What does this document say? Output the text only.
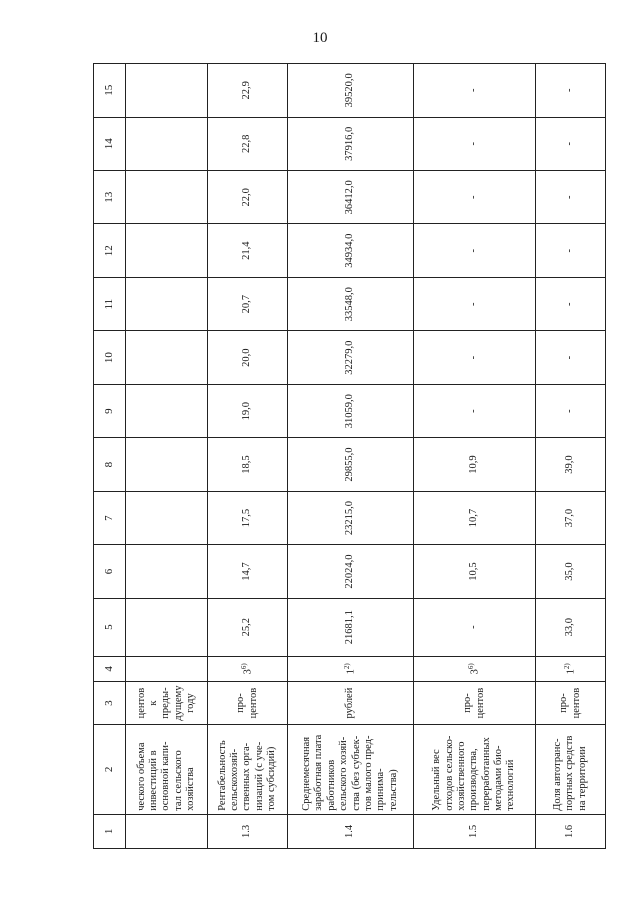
10
1	2	3	4	5	6	7	8	9	10	11	12	13	14	15
	ческого объема инвестиций в основной капи-тал сельского хозяйства	центов к преды-дущему году												
1.3	Рентабельность сельскохозяй-ственных орга-низаций (с уче-том субсидий)	про-центов	3$^{6)}$	25,2	14,7	17,5	18,5	19,0	20,0	20,7	21,4	22,0	22,8	22,9
1.4	Среднемесячная заработная плата работников сельского хозяй-ства (без субъек-тов малого пред-принима-тельства)	рублей	1$^{2)}$	21681,1	22024,0	23215,0	29855,0	31059,0	32279,0	33548,0	34934,0	36412,0	37916,0	39520,0
1.5	Удельный вес отходов сельско-хозяйственного производства, переработанных методами био-технологий	про-центов	3$^{6)}$	-	10,5	10,7	10,9	-	-	-	-	-	-	-
1.6	Доля автотранс-портных средств на территории	про-центов	1$^{2)}$	33,0	35,0	37,0	39,0	-	-	-	-	-	-	-
